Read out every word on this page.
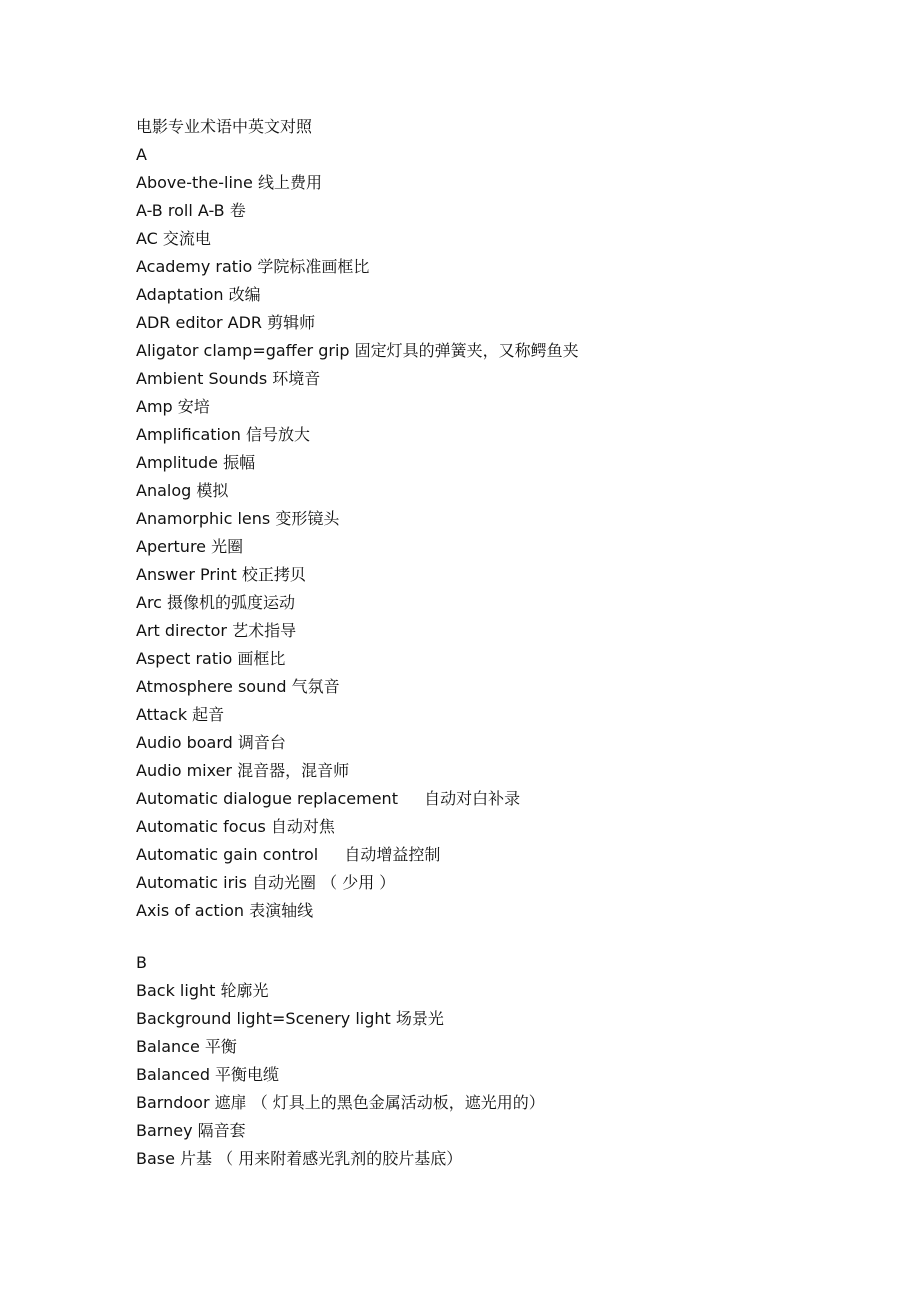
电影专业术语中英文对照
A
Above-the-line 线上费用
A-B roll A-B 卷
AC 交流电
Academy ratio 学院标准画框比
Adaptation 改编
ADR editor ADR 剪辑师
Aligator clamp=gaffer grip 固定灯具的弹簧夹，又称鳄鱼夹
Ambient Sounds 环境音
Amp 安培
Amplification 信号放大
Amplitude 振幅
Analog 模拟
Anamorphic lens 变形镜头
Aperture 光圈
Answer Print 校正拷贝
Arc 摄像机的弧度运动
Art director 艺术指导
Aspect ratio 画框比
Atmosphere sound 气氛音
Attack 起音
Audio board 调音台
Audio mixer 混音器，混音师
Automatic dialogue replacement 　 自动对白补录
Automatic focus 自动对焦
Automatic gain control 　 自动增益控制
Automatic iris 自动光圈 （ 少用 ）
Axis of action 表演轴线
B
Back light 轮廓光
Background light=Scenery light 场景光
Balance 平衡
Balanced 平衡电缆
Barndoor 遮扉 （ 灯具上的黑色金属活动板，遮光用的）
Barney 隔音套
Base 片基 （ 用来附着感光乳剂的胶片基底）
